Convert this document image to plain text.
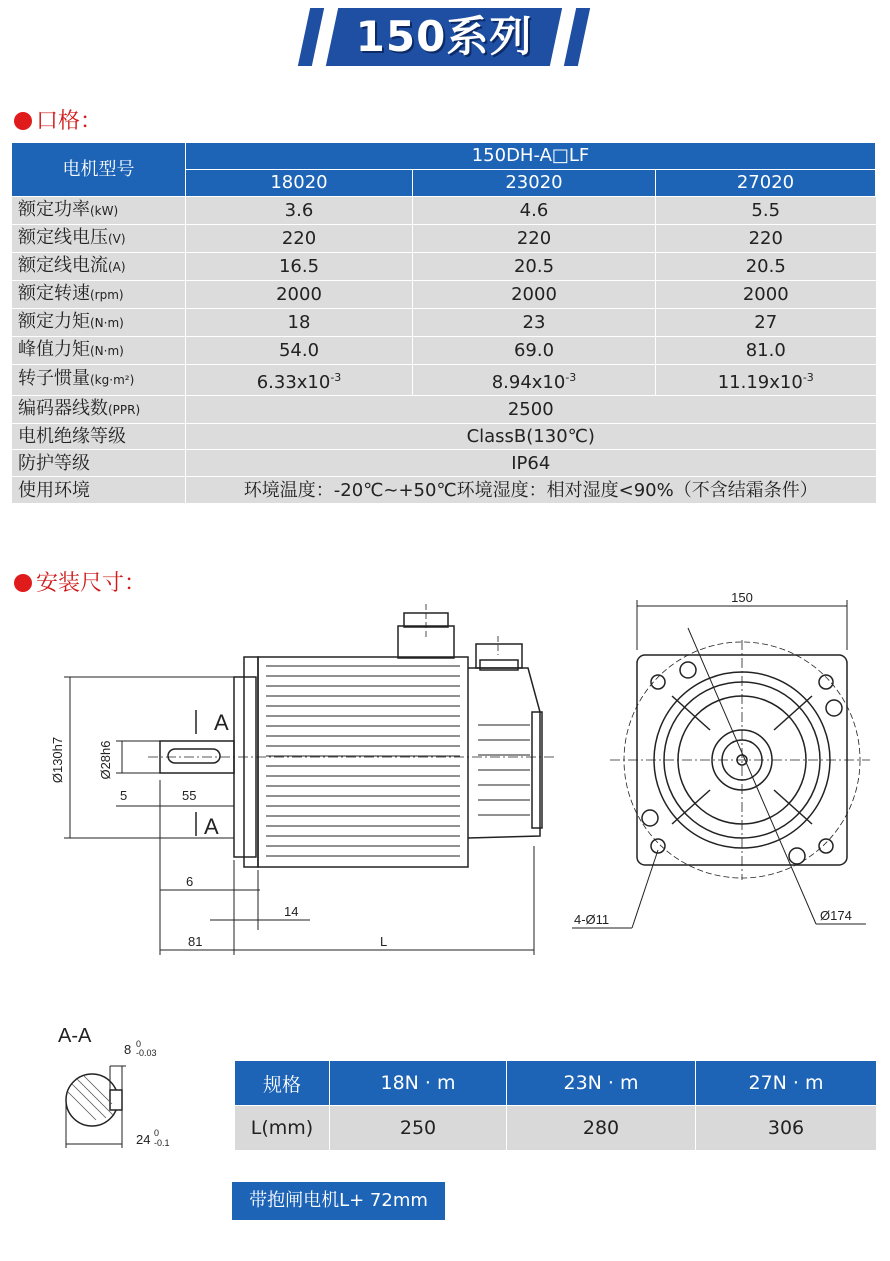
150系列
口格：
电机型号	150DH-A□LF		
	18020	23020	27020
额定功率(kW)	3.6	4.6	5.5
额定线电压(V)	220	220	220
额定线电流(A)	16.5	20.5	20.5
额定转速(rpm)	2000	2000	2000
额定力矩(N·m)	18	23	27
峰值力矩(N·m)	54.0	69.0	81.0
转子惯量(kg·m²)	$6.33x10^{-3}$	$8.94x10^{-3}$	$11.19x10^{-3}$
编码器线数(PPR)	2500		
电机绝缘等级	ClassB(130℃)		
防护等级	IP64		
使用环境	环境温度：-20℃~+50℃环境湿度：相对湿度<90%（不含结霜条件）		
安装尺寸：
A
A
Ø130h7	Ø28h6
5	55
6
14
81	L
150
4-Ø11	Ø174
A-A
8 0
-0.03
24 0
-0.1
规格	18N · m	23N · m	27N · m
L(mm)	250	280	306
带抱闸电机L+ 72mm
